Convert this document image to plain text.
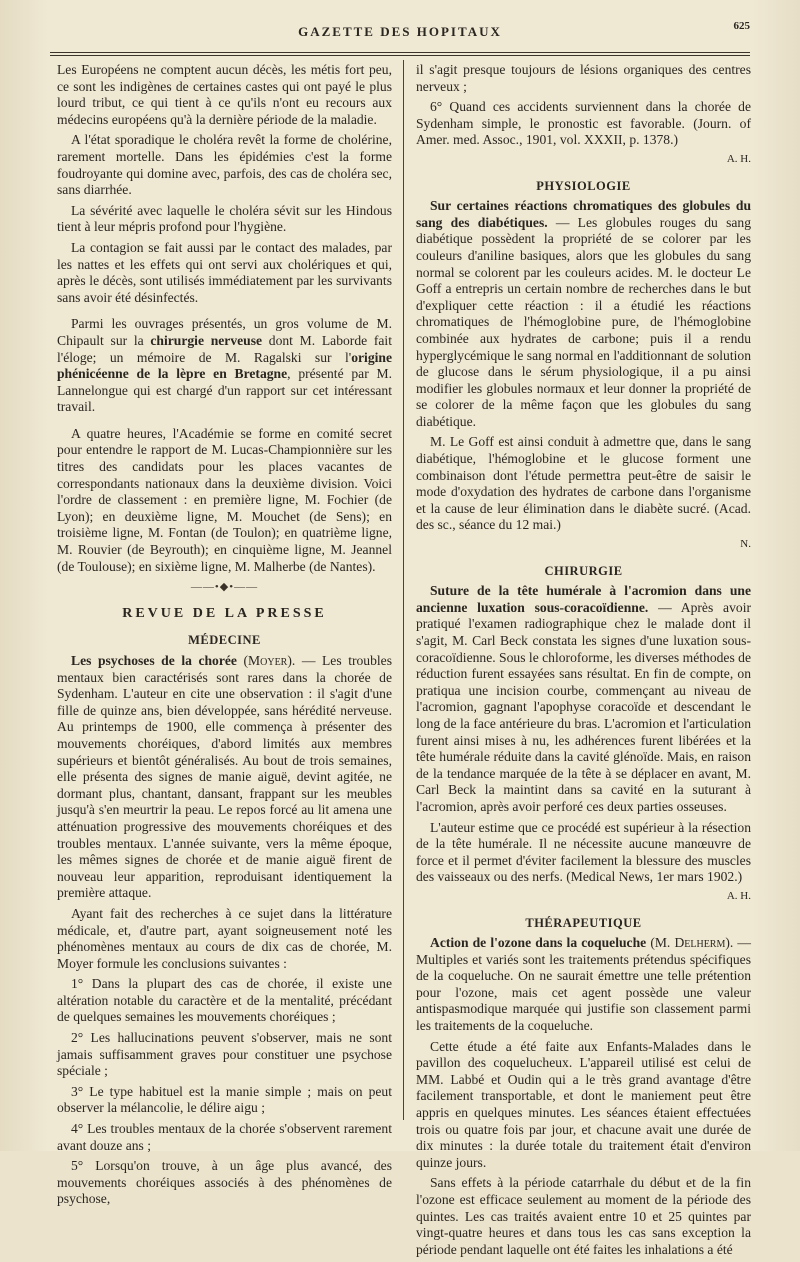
GAZETTE DES HOPITAUX	625

Les Européens ne comptent aucun décès, les métis fort peu, ce sont les indigènes de certaines castes qui ont payé le plus lourd tribut, ce qui tient à ce qu'ils n'ont eu recours aux médecins européens qu'à la dernière période de la maladie.

A l'état sporadique le choléra revêt la forme de cholérine, rarement mortelle. Dans les épidémies c'est la forme foudroyante qui domine avec, parfois, des cas de choléra sec, sans diarrhée.

La sévérité avec laquelle le choléra sévit sur les Hindous tient à leur mépris profond pour l'hygiène.

La contagion se fait aussi par le contact des malades, par les nattes et les effets qui ont servi aux cholériques et qui, après le décès, sont utilisés immédiatement par les survivants sans avoir été désinfectés.

Parmi les ouvrages présentés, un gros volume de M. Chipault sur la chirurgie nerveuse dont M. Laborde fait l'éloge; un mémoire de M. Ragalski sur l'origine phénicéenne de la lèpre en Bretagne, présenté par M. Lannelongue qui est chargé d'un rapport sur cet intéressant travail.

A quatre heures, l'Académie se forme en comité secret pour entendre le rapport de M. Lucas-Championnière sur les titres des candidats pour les places vacantes de correspondants nationaux dans la deuxième division. Voici l'ordre de classement : en première ligne, M. Fochier (de Lyon); en deuxième ligne, M. Mouchet (de Sens); en troisième ligne, M. Fontan (de Toulon); en quatrième ligne, M. Rouvier (de Beyrouth); en cinquième ligne, M. Jeannel (de Toulouse); en sixième ligne, M. Malherbe (de Nantes).

——•◆•——
REVUE DE LA PRESSE
MÉDECINE

Les psychoses de la chorée (Moyer). — Les troubles mentaux bien caractérisés sont rares dans la chorée de Sydenham. L'auteur en cite une observation : il s'agit d'une fille de quinze ans, bien développée, sans hérédité nerveuse. Au printemps de 1900, elle commença à présenter des mouvements choréiques, d'abord limités aux membres supérieurs et bientôt généralisés. Au bout de trois semaines, elle présenta des signes de manie aiguë, devint agitée, ne dormant plus, chantant, dansant, frappant sur les meubles jusqu'à s'en meurtrir la peau. Le repos forcé au lit amena une atténuation progressive des mouvements choréiques et des troubles mentaux. L'année suivante, vers la même époque, les mêmes signes de chorée et de manie aiguë firent de nouveau leur apparition, reproduisant identiquement la première attaque.

Ayant fait des recherches à ce sujet dans la littérature médicale, et, d'autre part, ayant soigneusement noté les phénomènes mentaux au cours de dix cas de chorée, M. Moyer formule les conclusions suivantes :

1° Dans la plupart des cas de chorée, il existe une altération notable du caractère et de la mentalité, précédant de quelques semaines les mouvements choréiques ;

2° Les hallucinations peuvent s'observer, mais ne sont jamais suffisamment graves pour constituer une psychose spéciale ;

3° Le type habituel est la manie simple ; mais on peut observer la mélancolie, le délire aigu ;

4° Les troubles mentaux de la chorée s'observent rarement avant douze ans ;

5° Lorsqu'on trouve, à un âge plus avancé, des mouvements choréiques associés à des phénomènes de psychose,

il s'agit presque toujours de lésions organiques des centres nerveux ;

6° Quand ces accidents surviennent dans la chorée de Sydenham simple, le pronostic est favorable. (Journ. of Amer. med. Assoc., 1901, vol. XXXII, p. 1378.)

A. H.
PHYSIOLOGIE

Sur certaines réactions chromatiques des globules du sang des diabétiques. — Les globules rouges du sang diabétique possèdent la propriété de se colorer par les couleurs d'aniline basiques, alors que les globules du sang normal se colorent par les couleurs acides. M. le docteur Le Goff a entrepris un certain nombre de recherches dans le but d'expliquer cette réaction : il a étudié les réactions chromatiques de l'hémoglobine pure, de l'hémoglobine combinée aux hydrates de carbone; puis il a rendu hyperglycémique le sang normal en l'additionnant de solution de glucose dans le sérum physiologique, il a pu ainsi modifier les globules normaux et leur donner la propriété de se colorer de la même façon que les globules du sang diabétique.

M. Le Goff est ainsi conduit à admettre que, dans le sang diabétique, l'hémoglobine et le glucose forment une combinaison dont l'étude permettra peut-être de saisir le mode d'oxydation des hydrates de carbone dans l'organisme et la cause de leur élimination dans le diabète sucré. (Acad. des sc., séance du 12 mai.)

N.
CHIRURGIE

Suture de la tête humérale à l'acromion dans une ancienne luxation sous-coracoïdienne. — Après avoir pratiqué l'examen radiographique chez le malade dont il s'agit, M. Carl Beck constata les signes d'une luxation sous-coracoïdienne. Sous le chloroforme, les diverses méthodes de réduction furent essayées sans résultat. En fin de compte, on pratiqua une incision courbe, commençant au niveau de l'acromion, gagnant l'apophyse coracoïde et descendant le long de la face antérieure du bras. L'acromion et l'articulation furent ainsi mises à nu, les adhérences furent libérées et la tête humérale réduite dans la cavité glénoïde. Mais, en raison de la tendance marquée de la tête à se déplacer en avant, M. Carl Beck la maintint dans sa cavité en la suturant à l'acromion, après avoir perforé ces deux parties osseuses.

L'auteur estime que ce procédé est supérieur à la résection de la tête humérale. Il ne nécessite aucune manœuvre de force et il permet d'éviter facilement la blessure des muscles des vaisseaux ou des nerfs. (Medical News, 1er mars 1902.)

A. H.
THÉRAPEUTIQUE

Action de l'ozone dans la coqueluche (M. Delherm). — Multiples et variés sont les traitements prétendus spécifiques de la coqueluche. On ne saurait émettre une telle prétention pour l'ozone, mais cet agent possède une valeur antispasmodique marquée qui justifie son classement parmi les traitements de la coqueluche.

Cette étude a été faite aux Enfants-Malades dans le pavillon des coqueluchеux. L'appareil utilisé est celui de MM. Labbé et Oudin qui a le très grand avantage d'être facilement transportable, et dont le maniement peut être appris en quelques minutes. Les séances étaient effectuées trois ou quatre fois par jour, et chacune avait une durée de dix minutes : la durée totale du traitement était d'environ quinze jours.

Sans effets à la période catarrhale du début et de la fin l'ozone est efficace seulement au moment de la période des quintes. Les cas traités avaient entre 10 et 25 quintes par vingt-quatre heures et dans tous les cas sans exception la période pendant laquelle ont été faites les inhalations a été
